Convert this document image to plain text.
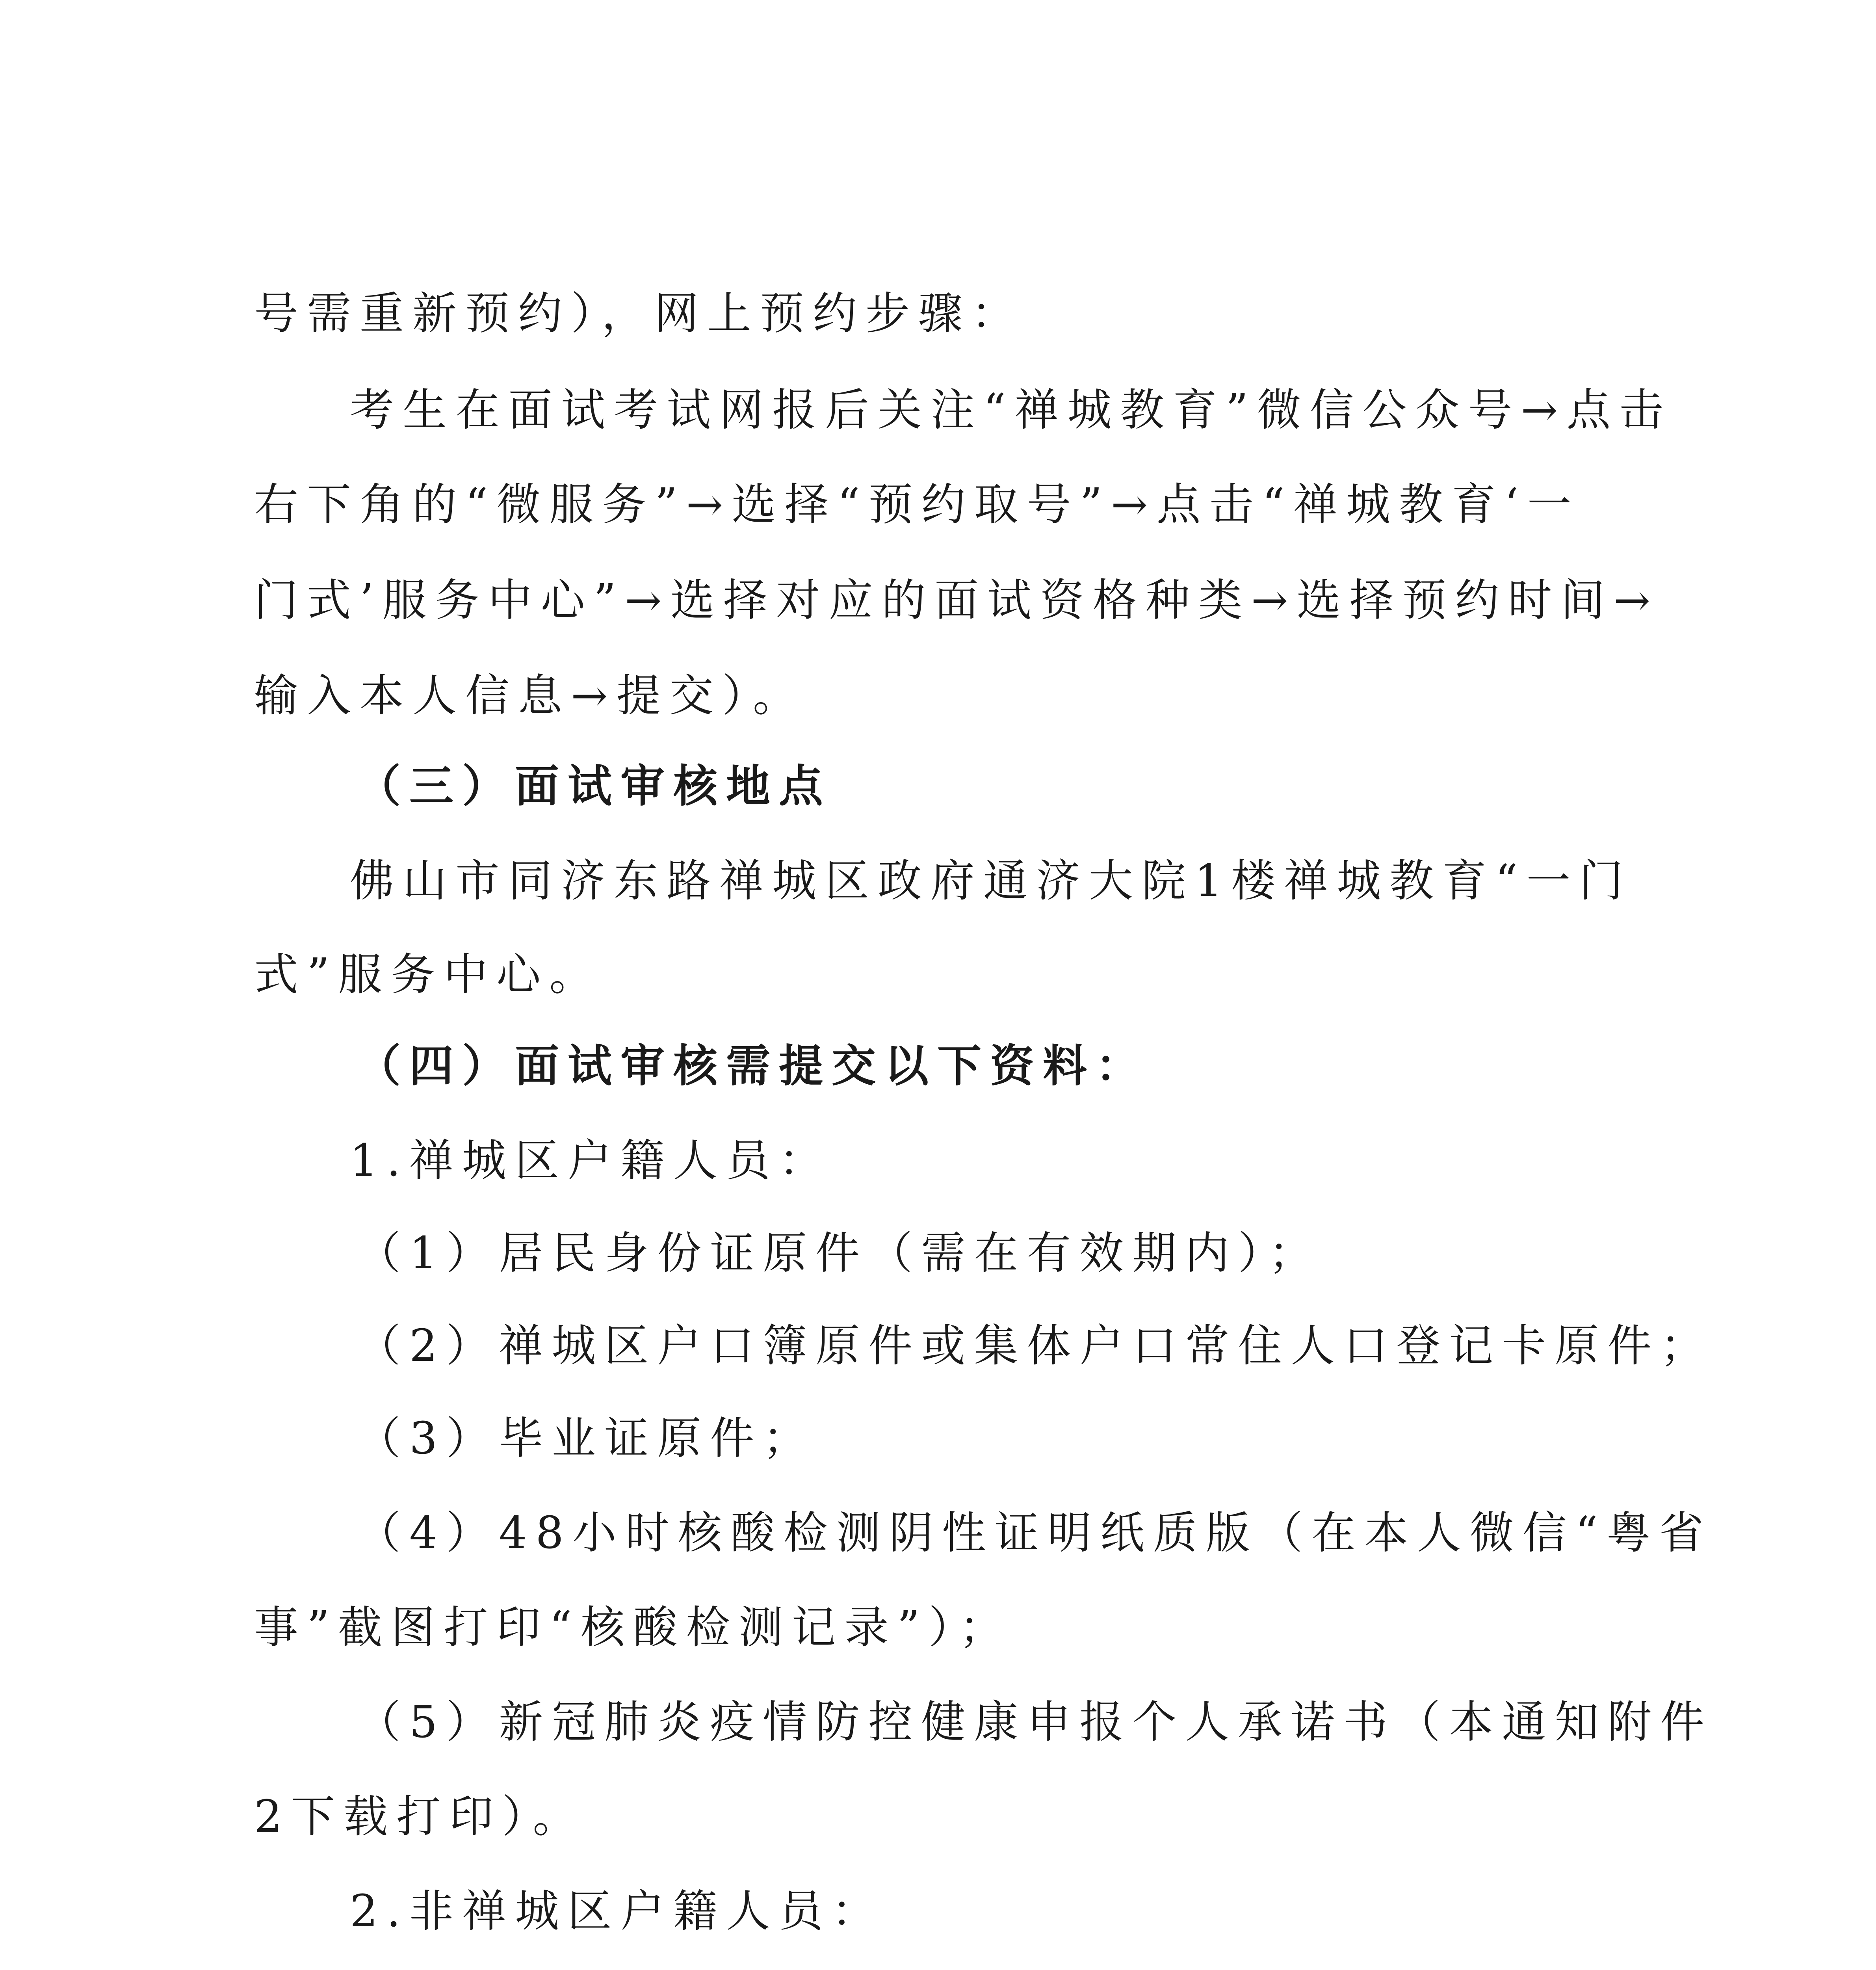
号需重新预约），网上预约步骤：
考生在面试考试网报后关注“禅城教育”微信公众号→点击
右下角的“微服务”→选择“预约取号”→点击“禅城教育‘一
门式’服务中心”→选择对应的面试资格种类→选择预约时间→
输入本人信息→提交）。
（三）面试审核地点
佛山市同济东路禅城区政府通济大院1楼禅城教育“一门
式”服务中心。
（四）面试审核需提交以下资料：
1.禅城区户籍人员：
（1）居民身份证原件（需在有效期内）；
（2）禅城区户口簿原件或集体户口常住人口登记卡原件；
（3）毕业证原件；
（4）48小时核酸检测阴性证明纸质版（在本人微信“粤省
事”截图打印“核酸检测记录”）；
（5）新冠肺炎疫情防控健康申报个人承诺书（本通知附件
2下载打印）。
2.非禅城区户籍人员：
